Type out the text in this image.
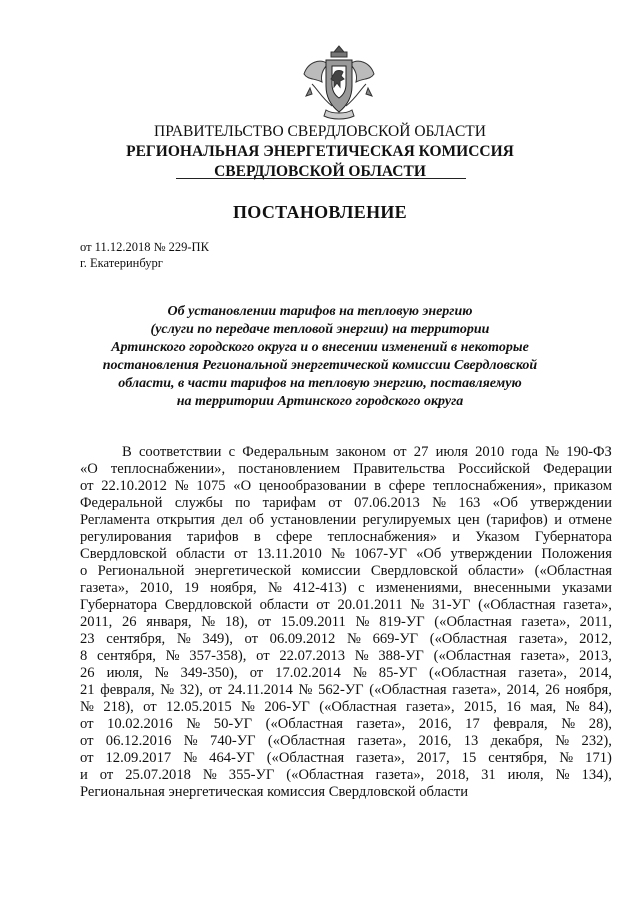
ПРАВИТЕЛЬСТВО СВЕРДЛОВСКОЙ ОБЛАСТИ
РЕГИОНАЛЬНАЯ ЭНЕРГЕТИЧЕСКАЯ КОМИССИЯ
СВЕРДЛОВСКОЙ ОБЛАСТИ
ПОСТАНОВЛЕНИЕ
от 11.12.2018 № 229-ПК
г. Екатеринбург
Об установлении тарифов на тепловую энергию
(услуги по передаче тепловой энергии) на территории
Артинского городского округа и о внесении изменений в некоторые
постановления Региональной энергетической комиссии Свердловской
области, в части тарифов на тепловую энергию, поставляемую
на территории Артинского городского округа
В соответствии с Федеральным законом от 27 июля 2010 года № 190-ФЗ
«О теплоснабжении», постановлением Правительства Российской Федерации
от 22.10.2012 № 1075 «О ценообразовании в сфере теплоснабжения», приказом
Федеральной службы по тарифам от 07.06.2013 № 163 «Об утверждении
Регламента открытия дел об установлении регулируемых цен (тарифов) и отмене
регулирования тарифов в сфере теплоснабжения» и Указом Губернатора
Свердловской области от 13.11.2010 № 1067-УГ «Об утверждении Положения
о Региональной энергетической комиссии Свердловской области» («Областная
газета», 2010, 19 ноября, № 412-413) с изменениями, внесенными указами
Губернатора Свердловской области от 20.01.2011 № 31-УГ («Областная газета»,
2011, 26 января, № 18), от 15.09.2011 № 819-УГ («Областная газета», 2011,
23 сентября, № 349), от 06.09.2012 № 669-УГ («Областная газета», 2012,
8 сентября, № 357-358), от 22.07.2013 № 388-УГ («Областная газета», 2013,
26 июля, № 349-350), от 17.02.2014 № 85-УГ («Областная газета», 2014,
21 февраля, № 32), от 24.11.2014 № 562-УГ («Областная газета», 2014, 26 ноября,
№ 218), от 12.05.2015 № 206-УГ («Областная газета», 2015, 16 мая, № 84),
от 10.02.2016 № 50-УГ («Областная газета», 2016, 17 февраля, № 28),
от 06.12.2016 № 740-УГ («Областная газета», 2016, 13 декабря, № 232),
от 12.09.2017 № 464-УГ («Областная газета», 2017, 15 сентября, № 171)
и от 25.07.2018 № 355-УГ («Областная газета», 2018, 31 июля, № 134),
Региональная энергетическая комиссия Свердловской области
